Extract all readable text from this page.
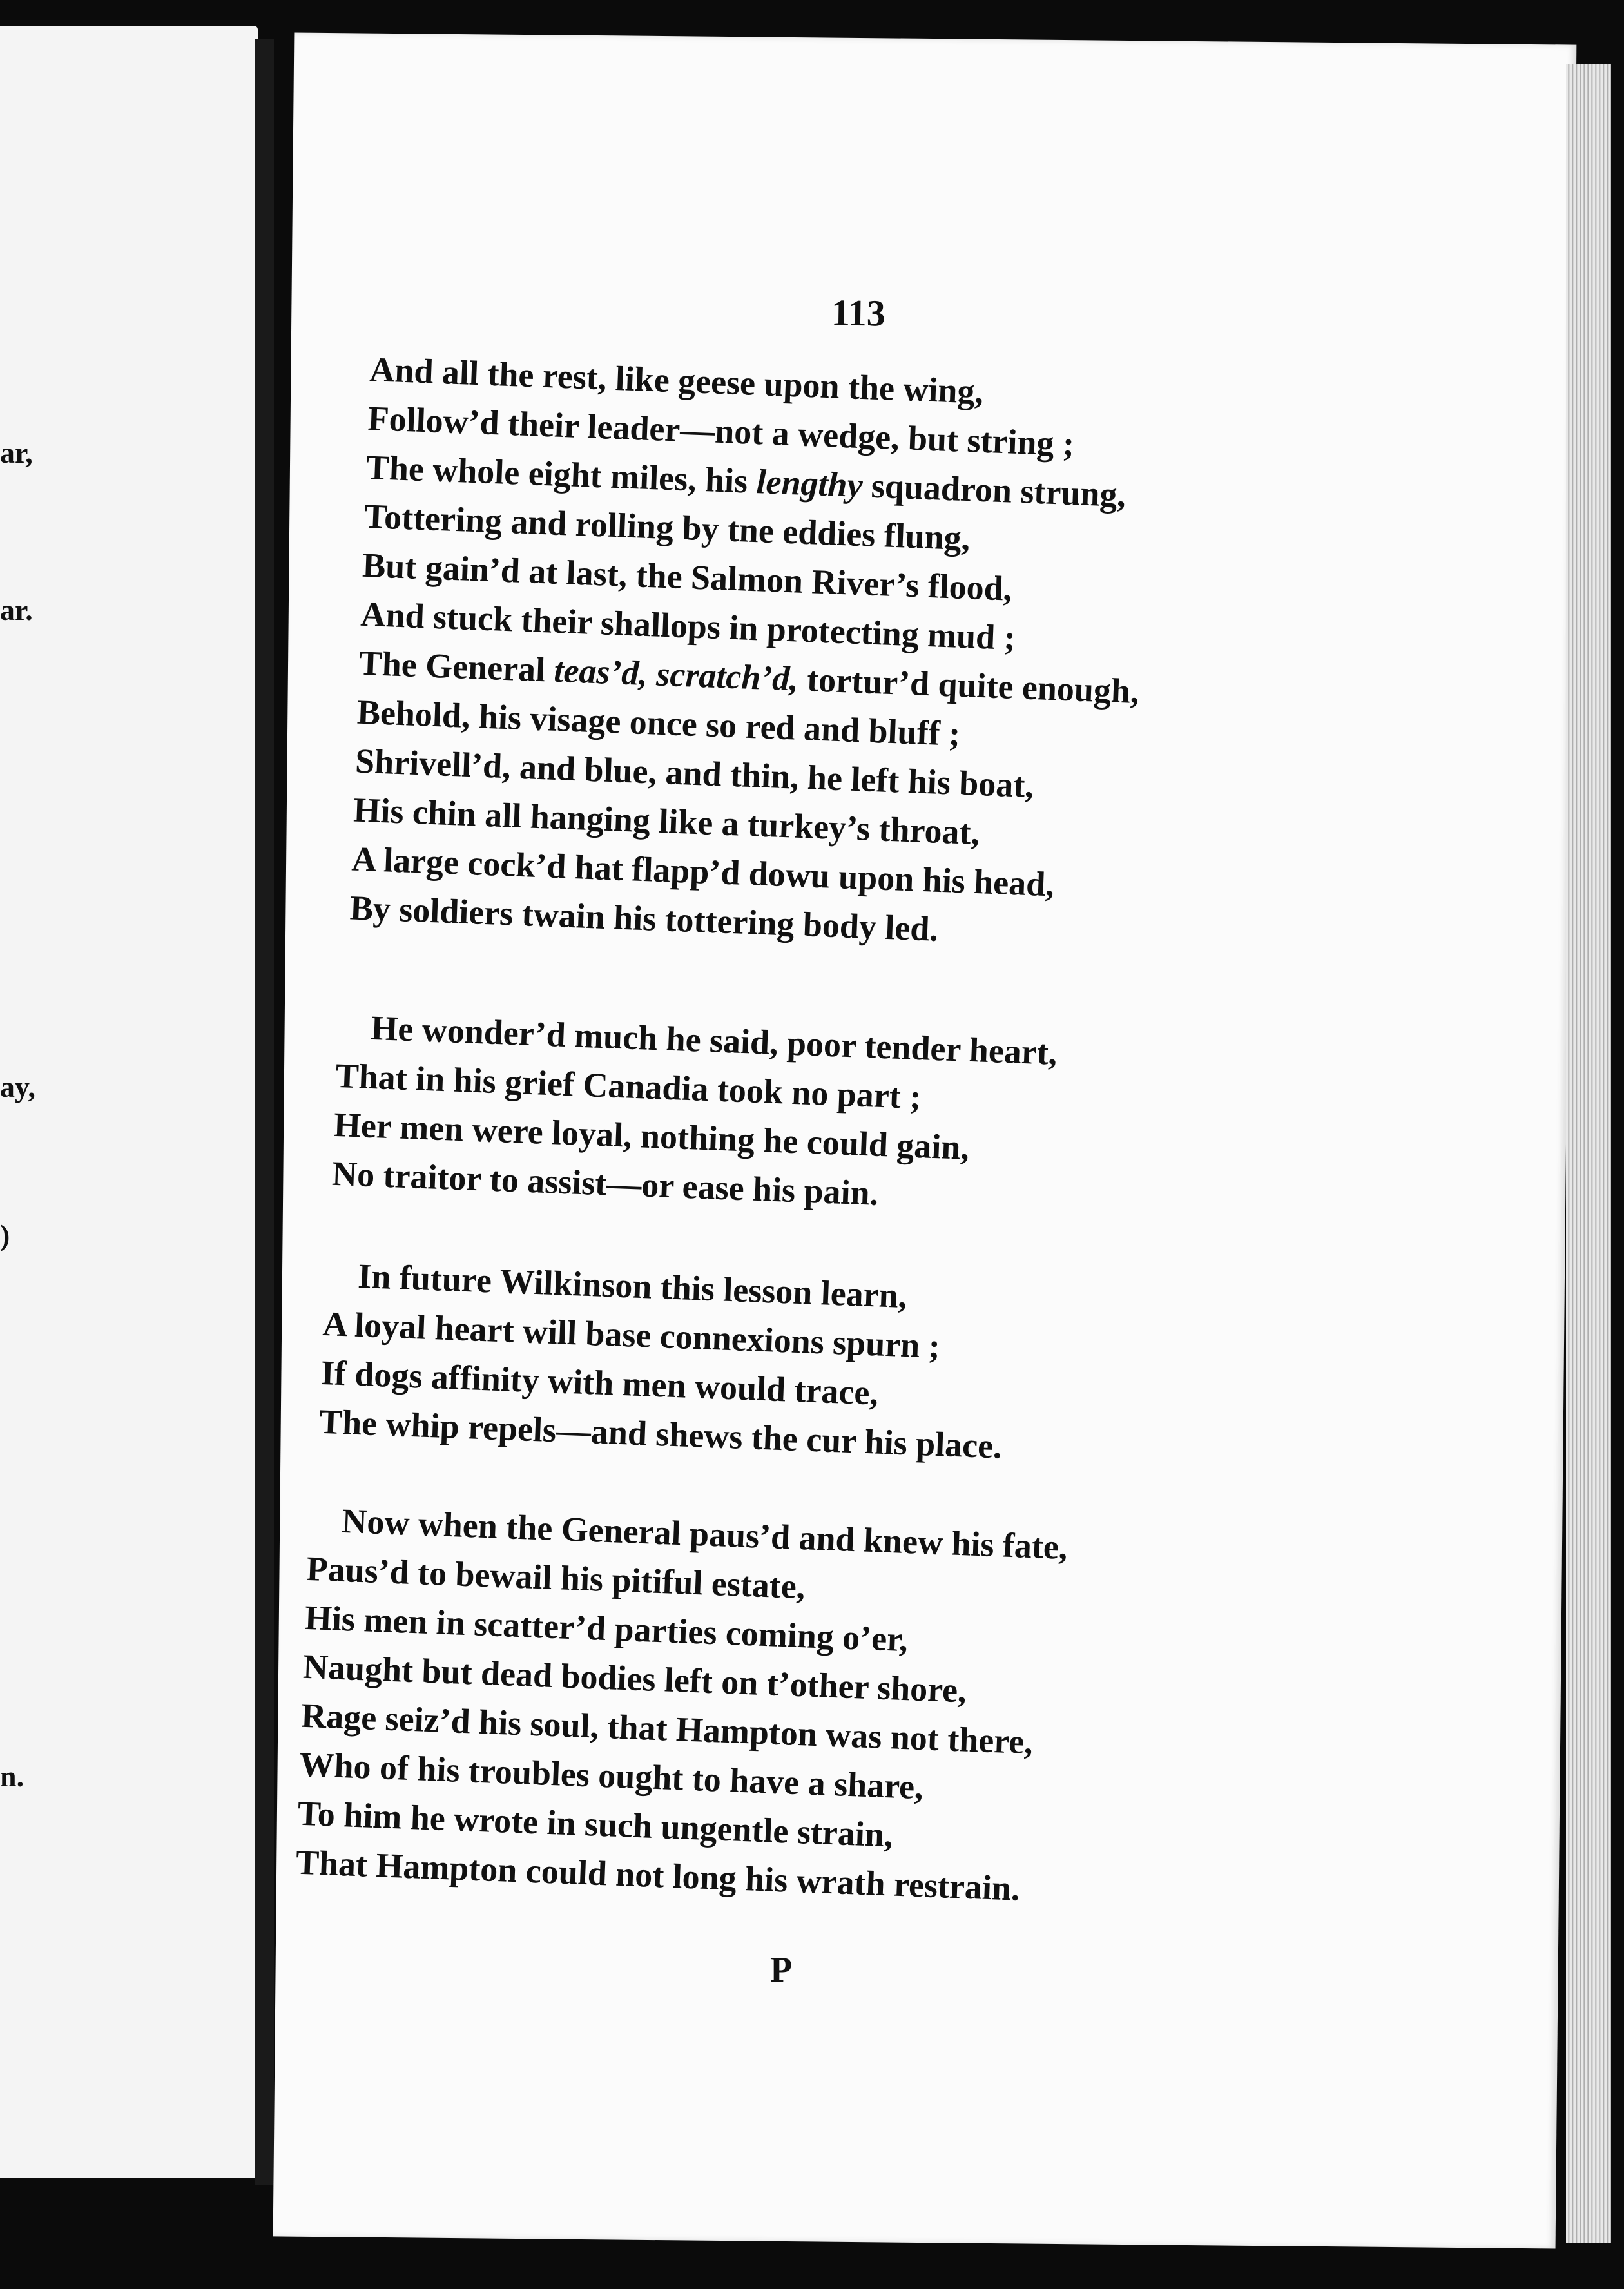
ar,
ar.
ay,
)
n.
113
And all the rest, like geese upon the wing,
Follow’d their leader—not a wedge, but string ;
The whole eight miles, his lengthy squadron strung,
Tottering and rolling by tne eddies flung,
But gain’d at last, the Salmon River’s flood,
And stuck their shallops in protecting mud ;
The General teas’d, scratch’d, tortur’d quite enough,
Behold, his visage once so red and bluff ;
Shrivell’d, and blue, and thin, he left his boat,
His chin all hanging like a turkey’s throat,
A large cock’d hat flapp’d dowu upon his head,
By soldiers twain his tottering body led.
He wonder’d much he said, poor tender heart,
That in his grief Canadia took no part ;
Her men were loyal, nothing he could gain,
No traitor to assist—or ease his pain.
In future Wilkinson this lesson learn,
A loyal heart will base connexions spurn ;
If dogs affinity with men would trace,
The whip repels—and shews the cur his place.
Now when the General paus’d and knew his fate,
Paus’d to bewail his pitiful estate,
His men in scatter’d parties coming o’er,
Naught but dead bodies left on t’other shore,
Rage seiz’d his soul, that Hampton was not there,
Who of his troubles ought to have a share,
To him he wrote in such ungentle strain,
That Hampton could not long his wrath restrain.
P
